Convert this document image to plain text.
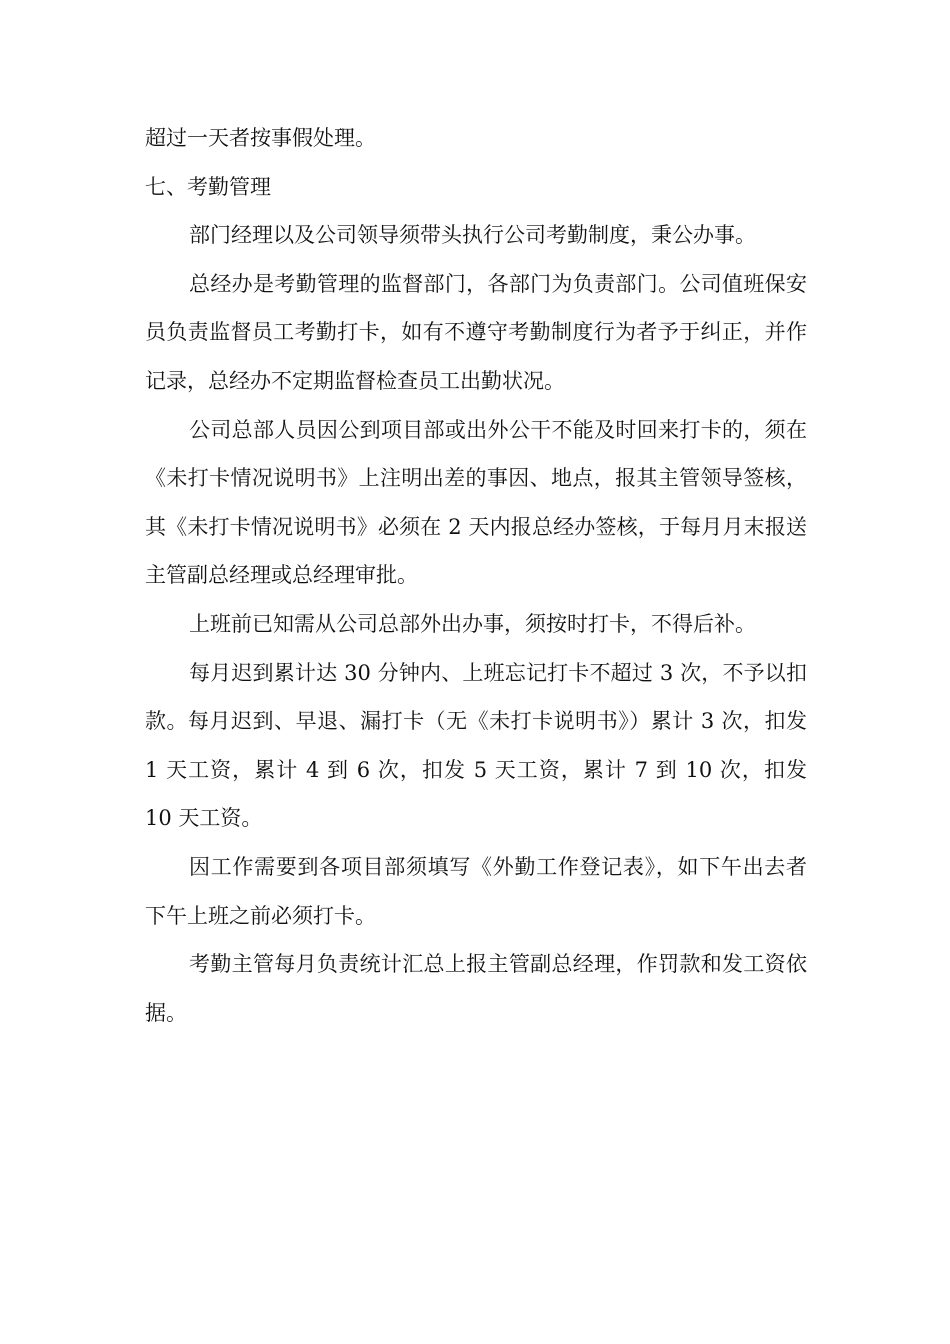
超过一天者按事假处理。

七、考勤管理

部门经理以及公司领导须带头执行公司考勤制度，秉公办事。

总经办是考勤管理的监督部门，各部门为负责部门。公司值班保安员负责监督员工考勤打卡，如有不遵守考勤制度行为者予于纠正，并作记录，总经办不定期监督检查员工出勤状况。

公司总部人员因公到项目部或出外公干不能及时回来打卡的，须在《未打卡情况说明书》上注明出差的事因、地点，报其主管领导签核，其《未打卡情况说明书》必须在 2 天内报总经办签核，于每月月末报送主管副总经理或总经理审批。

上班前已知需从公司总部外出办事，须按时打卡，不得后补。

每月迟到累计达 30 分钟内、上班忘记打卡不超过 3 次，不予以扣款。每月迟到、早退、漏打卡（无《未打卡说明书》）累计 3 次，扣发 1 天工资，累计 4 到 6 次，扣发 5 天工资，累计 7 到 10 次，扣发 10 天工资。

因工作需要到各项目部须填写《外勤工作登记表》，如下午出去者下午上班之前必须打卡。

考勤主管每月负责统计汇总上报主管副总经理，作罚款和发工资依据。
